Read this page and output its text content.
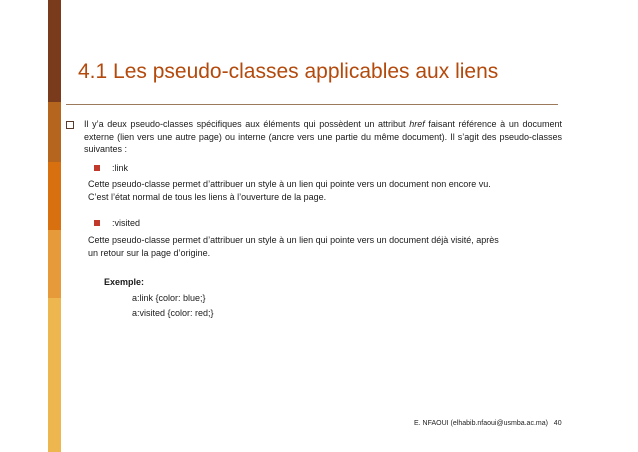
4.1 Les pseudo-classes applicables aux liens

Il y’a deux pseudo-classes spécifiques aux éléments qui possèdent un attribut href faisant référence à un document externe (lien vers une autre page) ou interne (ancre vers une partie du même document). Il s’agit des pseudo-classes suivantes :

:link

Cette pseudo-classe permet d’attribuer un style à un lien qui pointe vers un document non encore vu.
C’est l’état normal de tous les liens à l’ouverture de la page.

:visited

Cette pseudo-classe permet d’attribuer un style à un lien qui pointe vers un document déjà visité, après
un retour sur la page d’origine.

Exemple:

a:link {color: blue;}

a:visited {color: red;}

E. NFAOUI (elhabib.nfaoui@usmba.ac.ma) 40
